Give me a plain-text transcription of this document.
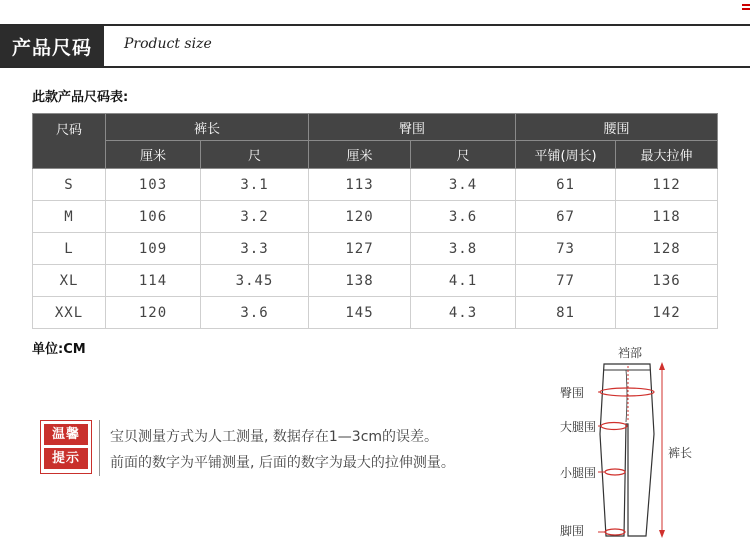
产品尺码	Product size
此款产品尺码表:
尺码	裤长		臀围		腰围	
	厘米	尺	厘米	尺	平铺(周长)	最大拉伸
S	103	3.1	113	3.4	61	112
M	106	3.2	120	3.6	67	118
L	109	3.3	127	3.8	73	128
XL	114	3.45	138	4.1	77	136
XXL	120	3.6	145	4.3	81	142
单位:CM
温馨
提示
宝贝测量方式为人工测量, 数据存在1—3cm的误差。
前面的数字为平铺测量, 后面的数字为最大的拉伸测量。
裆部
臀围
大腿围
小腿围
脚围
裤长
